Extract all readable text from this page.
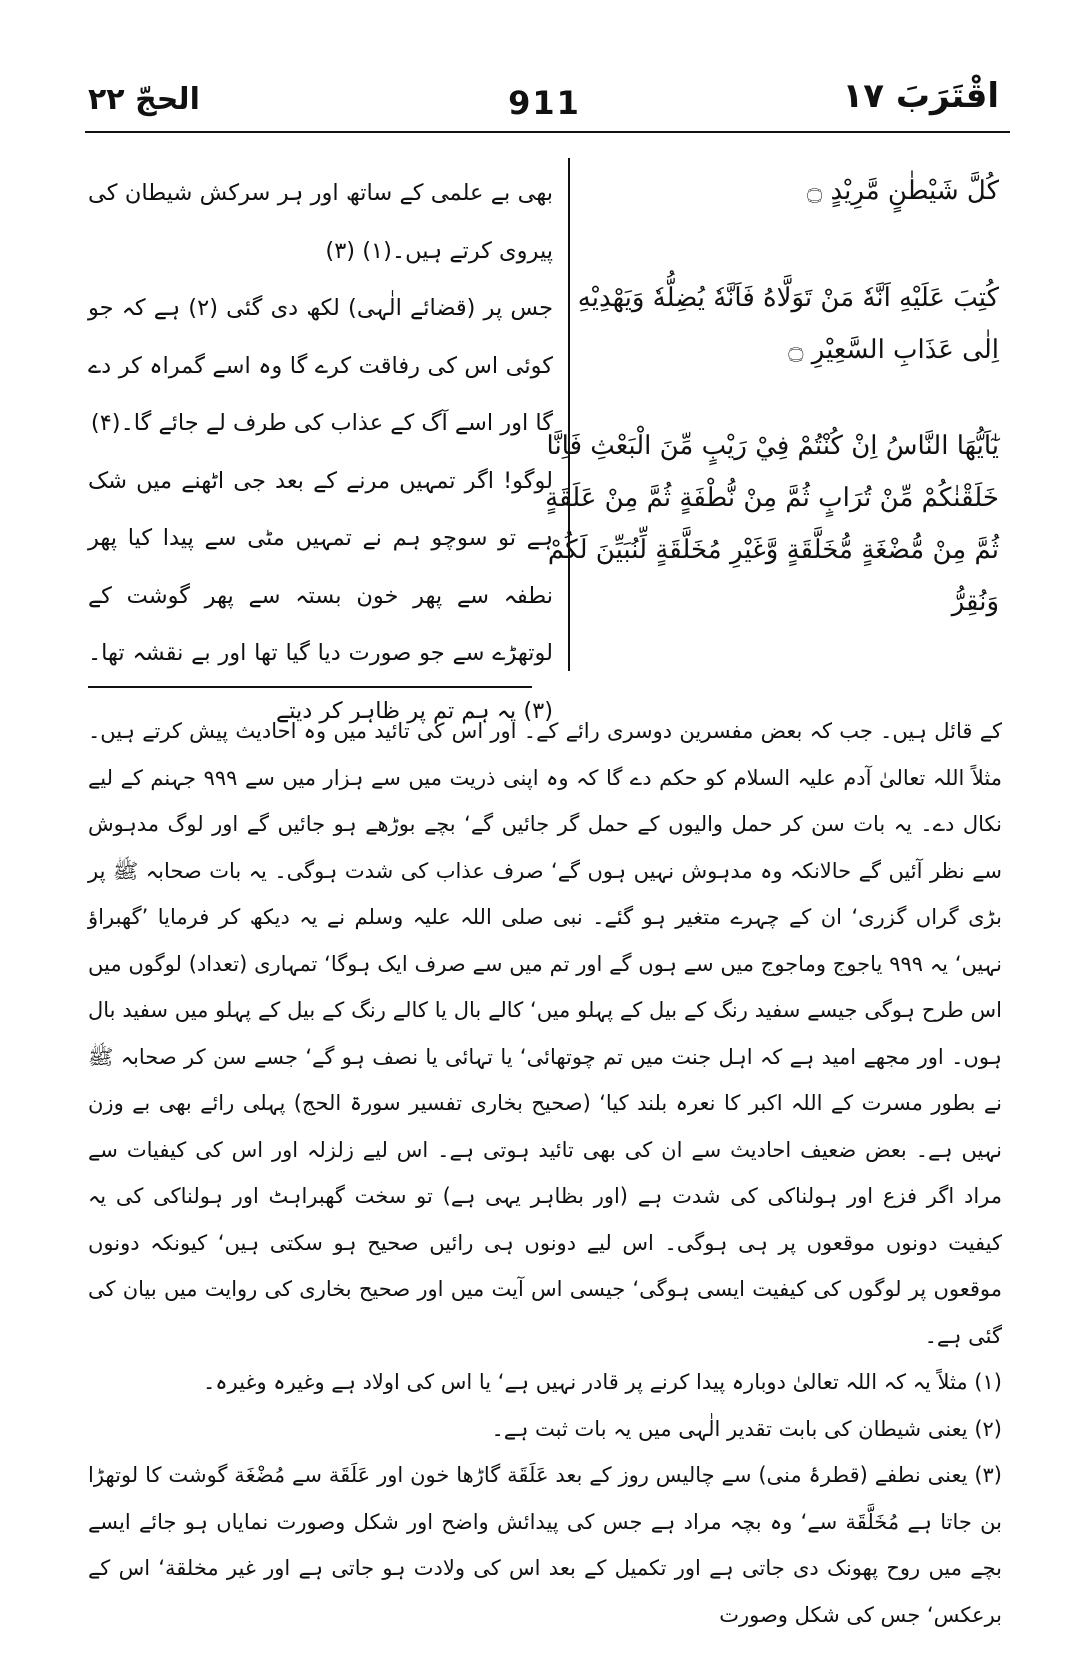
اقْتَرَبَ ۱۷
911
الحجّ ۲۲
كُلَّ شَيْطٰنٍ مَّرِيْدٍ ۝
كُتِبَ عَلَيْهِ اَنَّهٗ مَنْ تَوَلَّاهُ فَاَنَّهٗ يُضِلُّهٗ وَيَهْدِيْهِ اِلٰى عَذَابِ السَّعِيْرِ ۝
يٰٓاَيُّهَا النَّاسُ اِنْ كُنْتُمْ فِيْ رَيْبٍ مِّنَ الْبَعْثِ فَاِنَّا خَلَقْنٰكُمْ مِّنْ تُرَابٍ ثُمَّ مِنْ نُّطْفَةٍ ثُمَّ مِنْ عَلَقَةٍ ثُمَّ مِنْ مُّضْغَةٍ مُّخَلَّقَةٍ وَّغَيْرِ مُخَلَّقَةٍ لِّنُبَيِّنَ لَكُمْ وَنُقِرُّ

بھی بے علمی کے ساتھ اور ہر سرکش شیطان کی پیروی کرتے ہیں۔(۱) (۳)

جس پر (قضائے الٰہی) لکھ دی گئی (۲) ہے کہ جو کوئی اس کی رفاقت کرے گا وہ اسے گمراہ کر دے گا اور اسے آگ کے عذاب کی طرف لے جائے گا۔(۴)

لوگو! اگر تمہیں مرنے کے بعد جی اٹھنے میں شک ہے تو سوچو ہم نے تمہیں مٹی سے پیدا کیا پھر نطفہ سے پھر خون بستہ سے پھر گوشت کے لوتھڑے سے جو صورت دیا گیا تھا اور بے نقشہ تھا۔(۳) یہ ہم تم پر ظاہر کر دیتے

کے قائل ہیں۔ جب کہ بعض مفسرین دوسری رائے کے۔ اور اس کی تائید میں وہ احادیث پیش کرتے ہیں۔ مثلاً اللہ تعالیٰ آدم علیہ السلام کو حکم دے گا کہ وہ اپنی ذریت میں سے ہزار میں سے ۹۹۹ جہنم کے لیے نکال دے۔ یہ بات سن کر حمل والیوں کے حمل گر جائیں گے‘ بچے بوڑھے ہو جائیں گے اور لوگ مدہوش سے نظر آئیں گے حالانکہ وہ مدہوش نہیں ہوں گے‘ صرف عذاب کی شدت ہوگی۔ یہ بات صحابہ ﷺ پر بڑی گراں گزری‘ ان کے چہرے متغیر ہو گئے۔ نبی صلی اللہ علیہ وسلم نے یہ دیکھ کر فرمایا ’گھبراؤ نہیں‘ یہ ۹۹۹ یاجوج وماجوج میں سے ہوں گے اور تم میں سے صرف ایک ہوگا‘ تمہاری (تعداد) لوگوں میں اس طرح ہوگی جیسے سفید رنگ کے بیل کے پہلو میں‘ کالے بال یا کالے رنگ کے بیل کے پہلو میں سفید بال ہوں۔ اور مجھے امید ہے کہ اہل جنت میں تم چوتھائی‘ یا تہائی یا نصف ہو گے‘ جسے سن کر صحابہ ﷺ نے بطور مسرت کے اللہ اکبر کا نعرہ بلند کیا‘ (صحیح بخاری تفسیر سورۃ الحج) پہلی رائے بھی بے وزن نہیں ہے۔ بعض ضعیف احادیث سے ان کی بھی تائید ہوتی ہے۔ اس لیے زلزلہ اور اس کی کیفیات سے مراد اگر فزع اور ہولناکی کی شدت ہے (اور بظاہر یہی ہے) تو سخت گھبراہٹ اور ہولناکی کی یہ کیفیت دونوں موقعوں پر ہی ہوگی۔ اس لیے دونوں ہی رائیں صحیح ہو سکتی ہیں‘ کیونکہ دونوں موقعوں پر لوگوں کی کیفیت ایسی ہوگی‘ جیسی اس آیت میں اور صحیح بخاری کی روایت میں بیان کی گئی ہے۔

(۱) مثلاً یہ کہ اللہ تعالیٰ دوبارہ پیدا کرنے پر قادر نہیں ہے‘ یا اس کی اولاد ہے وغیرہ وغیرہ۔

(۲) یعنی شیطان کی بابت تقدیر الٰہی میں یہ بات ثبت ہے۔

(۳) یعنی نطفے (قطرۂ منی) سے چالیس روز کے بعد عَلَقَة گاڑھا خون اور عَلَقَة سے مُضْغَة گوشت کا لوتھڑا بن جاتا ہے مُخَلَّقَة سے‘ وہ بچہ مراد ہے جس کی پیدائش واضح اور شکل وصورت نمایاں ہو جائے ایسے بچے میں روح پھونک دی جاتی ہے اور تکمیل کے بعد اس کی ولادت ہو جاتی ہے اور غیر مخلقة‘ اس کے برعکس‘ جس کی شکل وصورت
